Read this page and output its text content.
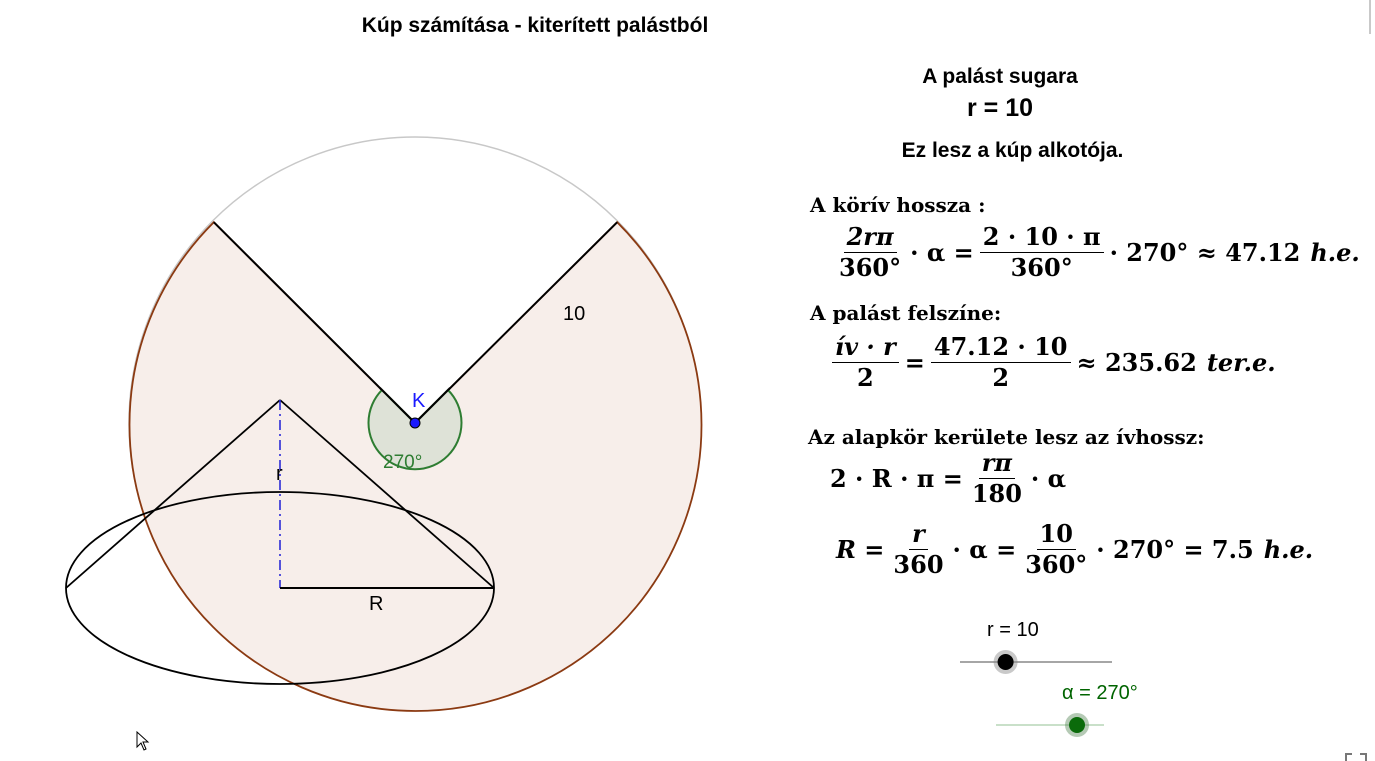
Kúp számítása - kiterített palástból
K
270°
10
r
R
A palást sugara
r = 10
Ez lesz a kúp alkotója.
A körív hossza :
$\frac{2r\pi}{360^\circ} \cdot \alpha = \frac{2 \cdot 10 \cdot \pi}{360^\circ} \cdot 270^\circ \approx 47.12$ h.e.
A palást felszíne:
$\frac{ív \cdot r}{2} = \frac{47.12 \cdot 10}{2} \approx 235.62$ ter.e.
Az alapkör kerülete lesz az ívhossz:
$2 \cdot R \cdot \pi = \frac{r\pi}{180} \cdot \alpha$
$R = \frac{r}{360} \cdot \alpha = \frac{10}{360^\circ} \cdot 270^\circ = 7.5$ h.e.
r = 10
α = 270°
